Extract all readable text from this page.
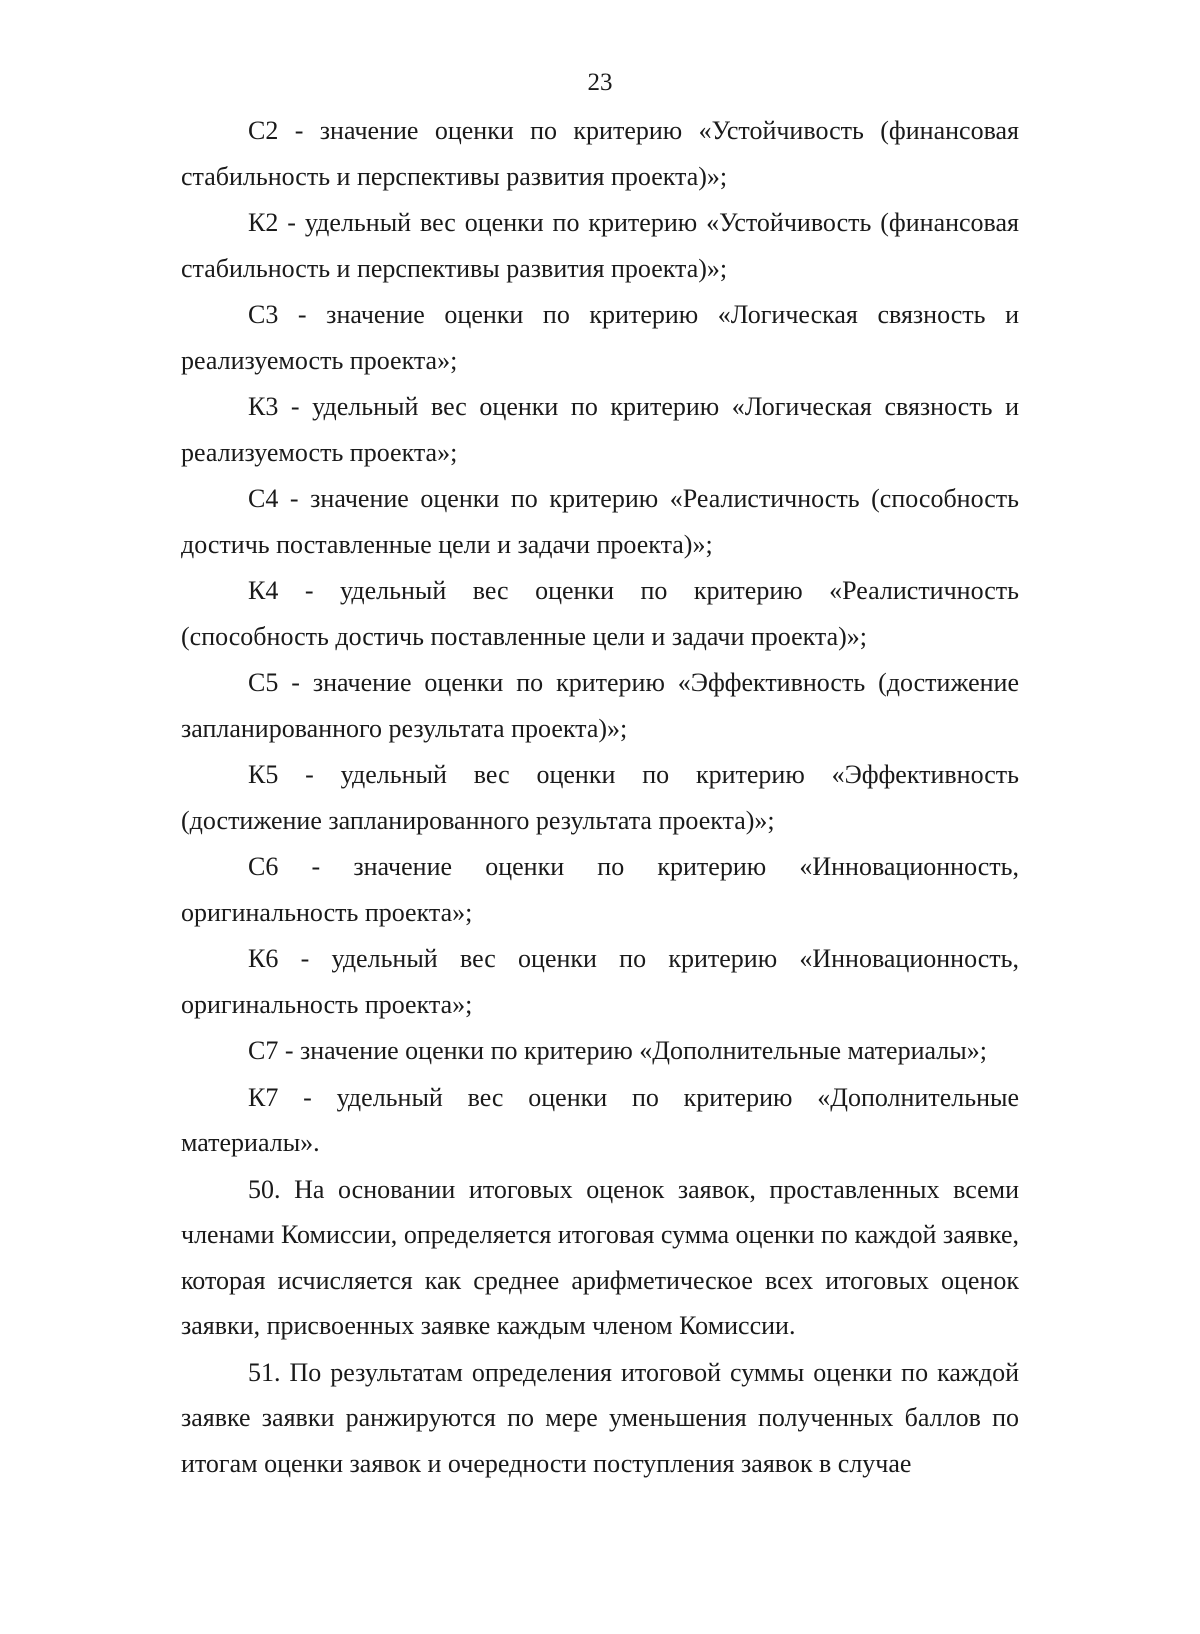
23

С2 - значение оценки по критерию «Устойчивость (финансовая стабильность и перспективы развития проекта)»;

К2 - удельный вес оценки по критерию «Устойчивость (финансовая стабильность и перспективы развития проекта)»;

С3 - значение оценки по критерию «Логическая связность и реализуемость проекта»;

К3 - удельный вес оценки по критерию «Логическая связность и реализуемость проекта»;

С4 - значение оценки по критерию «Реалистичность (способность достичь поставленные цели и задачи проекта)»;

К4 - удельный вес оценки по критерию «Реалистичность (способность достичь поставленные цели и задачи проекта)»;

С5 - значение оценки по критерию «Эффективность (достижение запланированного результата проекта)»;

К5 - удельный вес оценки по критерию «Эффективность (достижение запланированного результата проекта)»;

С6 - значение оценки по критерию «Инновационность, оригинальность проекта»;

К6 - удельный вес оценки по критерию «Инновационность, оригинальность проекта»;

С7 - значение оценки по критерию «Дополнительные материалы»;

К7 - удельный вес оценки по критерию «Дополнительные материалы».

50. На основании итоговых оценок заявок, проставленных всеми членами Комиссии, определяется итоговая сумма оценки по каждой заявке, которая исчисляется как среднее арифметическое всех итоговых оценок заявки, присвоенных заявке каждым членом Комиссии.

51. По результатам определения итоговой суммы оценки по каждой заявке заявки ранжируются по мере уменьшения полученных баллов по итогам оценки заявок и очередности поступления заявок в случае
